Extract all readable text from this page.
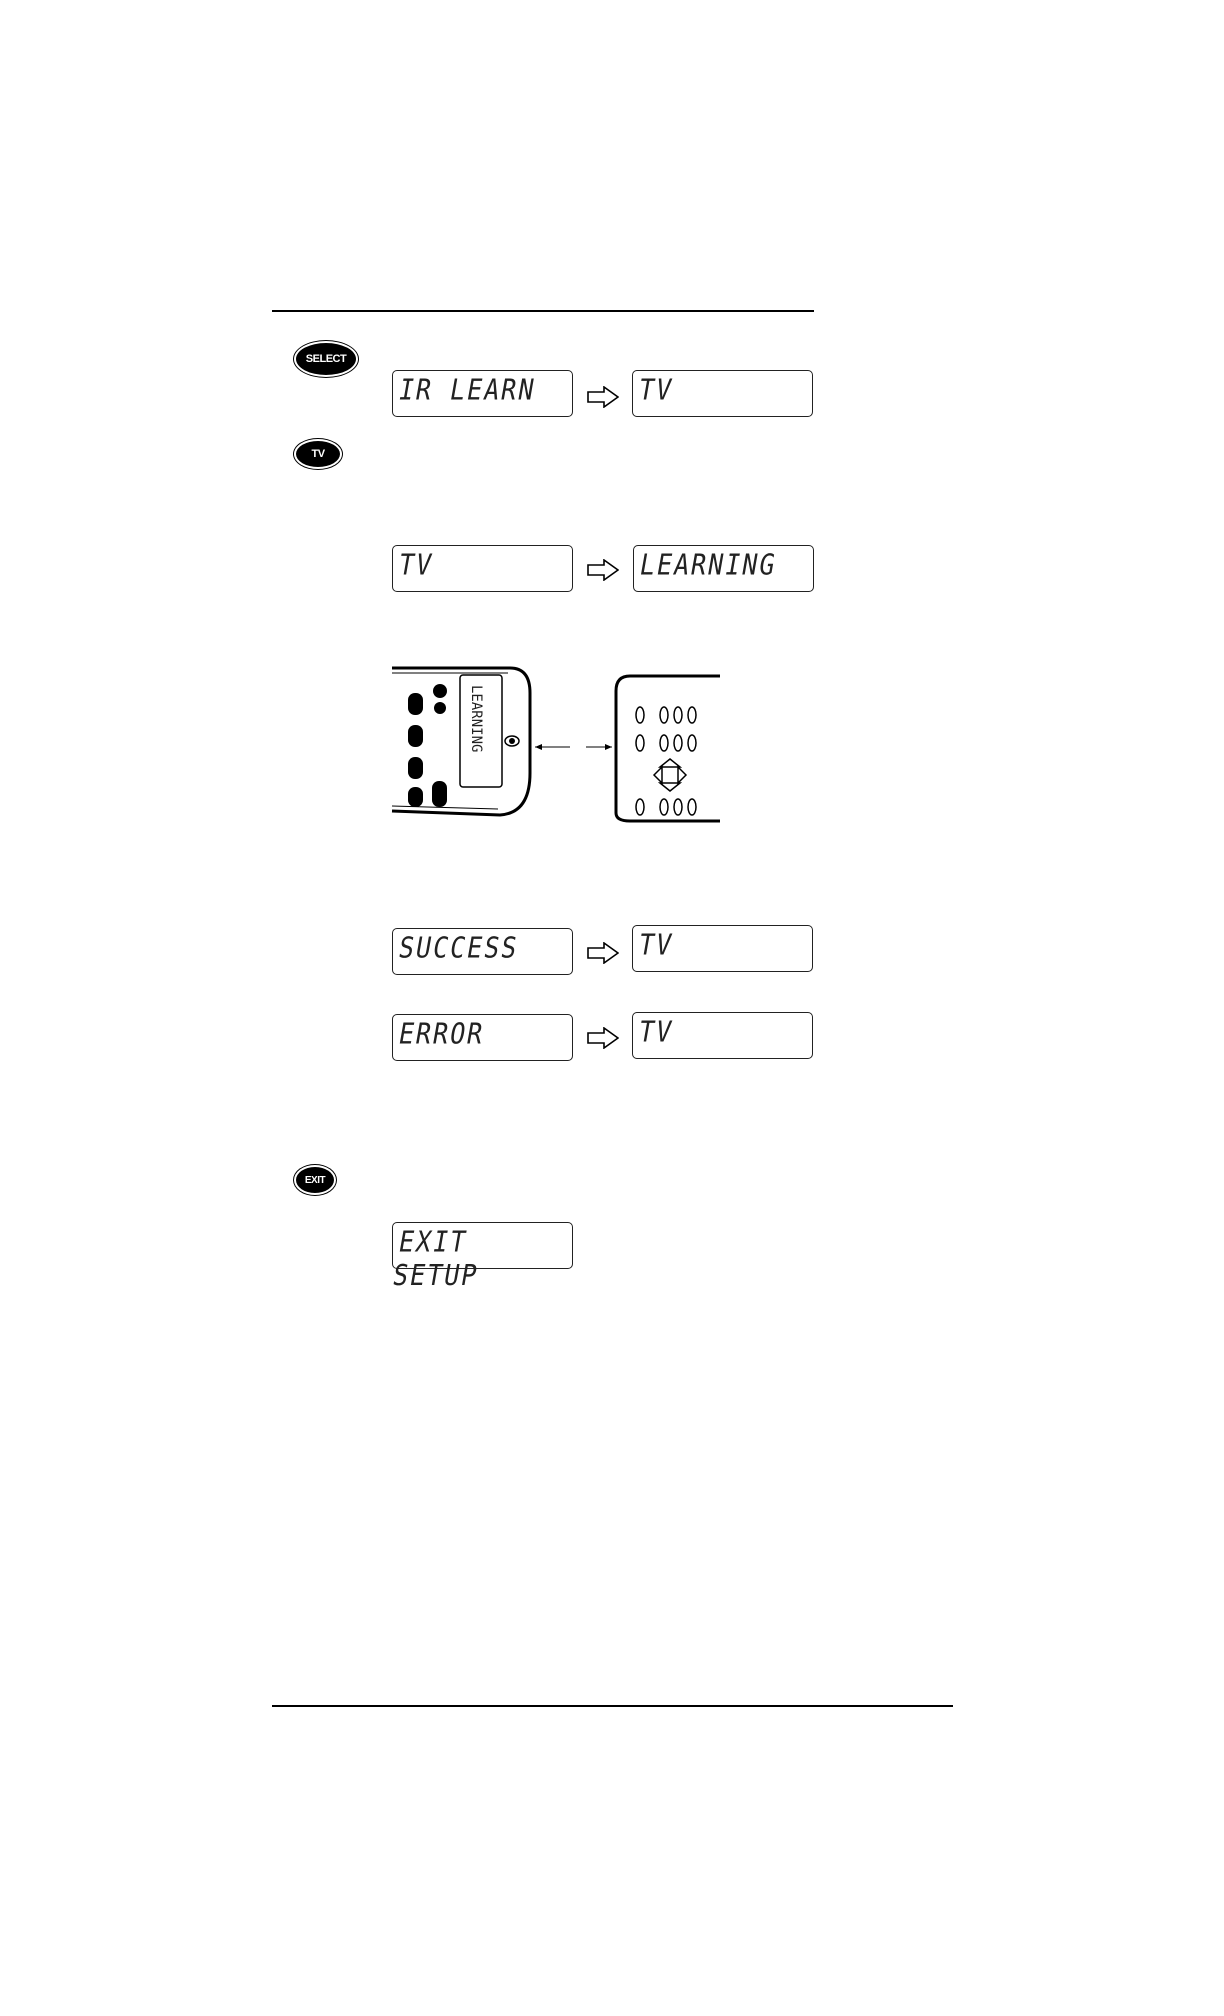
SELECT
IR LEARN	TV
TV
TV	LEARNING
LEARNING
SUCCESS	TV
ERROR	TV
EXIT
EXIT SETUP
